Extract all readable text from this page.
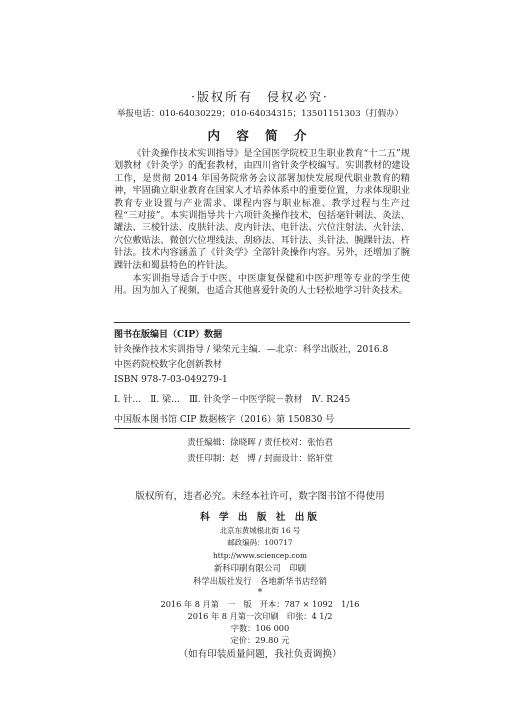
·版权所有　侵权必究·
举报电话：010-64030229；010-64034315；13501151303（打假办）
内 容 简 介

《针灸操作技术实训指导》是全国医学院校卫生职业教育“十二五”规划教材《针灸学》的配套教材，由四川省针灸学校编写。实训教材的建设工作，是贯彻 2014 年国务院常务会议部署加快发展现代职业教育的精神，牢固确立职业教育在国家人才培养体系中的重要位置，力求体现职业教育专业设置与产业需求、课程内容与职业标准、教学过程与生产过程“三对接”。本实训指导共十六项针灸操作技术，包括毫针刺法、灸法、罐法、三棱针法、皮肤针法、皮内针法、电针法、穴位注射法、火针法、穴位敷贴法、微创穴位埋线法、刮痧法、耳针法、头针法、腕踝针法、杵针法。技术内容涵盖了《针灸学》全部针灸操作内容。另外，还增加了腕踝针法和蜀县特色的杵针法。

本实训指导适合于中医、中医康复保健和中医护理等专业的学生使用。因为加入了视频，也适合其他喜爱针灸的人士轻松地学习针灸技术。

图书在版编目（CIP）数据
针灸操作技术实训指导 / 梁荣元主编．—北京：科学出版社，2016.8
中医药院校数字化创新教材
ISBN 978-7-03-049279-1
Ⅰ. 针…　Ⅱ. 梁…　Ⅲ. 针灸学－中医学院－教材　Ⅳ. R245
中国版本图书馆 CIP 数据核字（2016）第 150830 号
责任编辑：徐晓晖 / 责任校对：张怡君
责任印制：赵　博 / 封面设计：铭轩堂
版权所有，违者必究。未经本社许可，数字图书馆不得使用
科 学 出 版 社 出版
北京东黄城根北街 16 号
邮政编码：100717
http://www.sciencep.com
新科印刷有限公司　印刷
科学出版社发行　各地新华书店经销
*
2016 年 8 月第　一　版　开本：787 × 1092　1/16
2016 年 8 月第一次印刷　印张：4 1/2
字数：106 000
定价：29.80 元
（如有印装质量问题，我社负责调换）
